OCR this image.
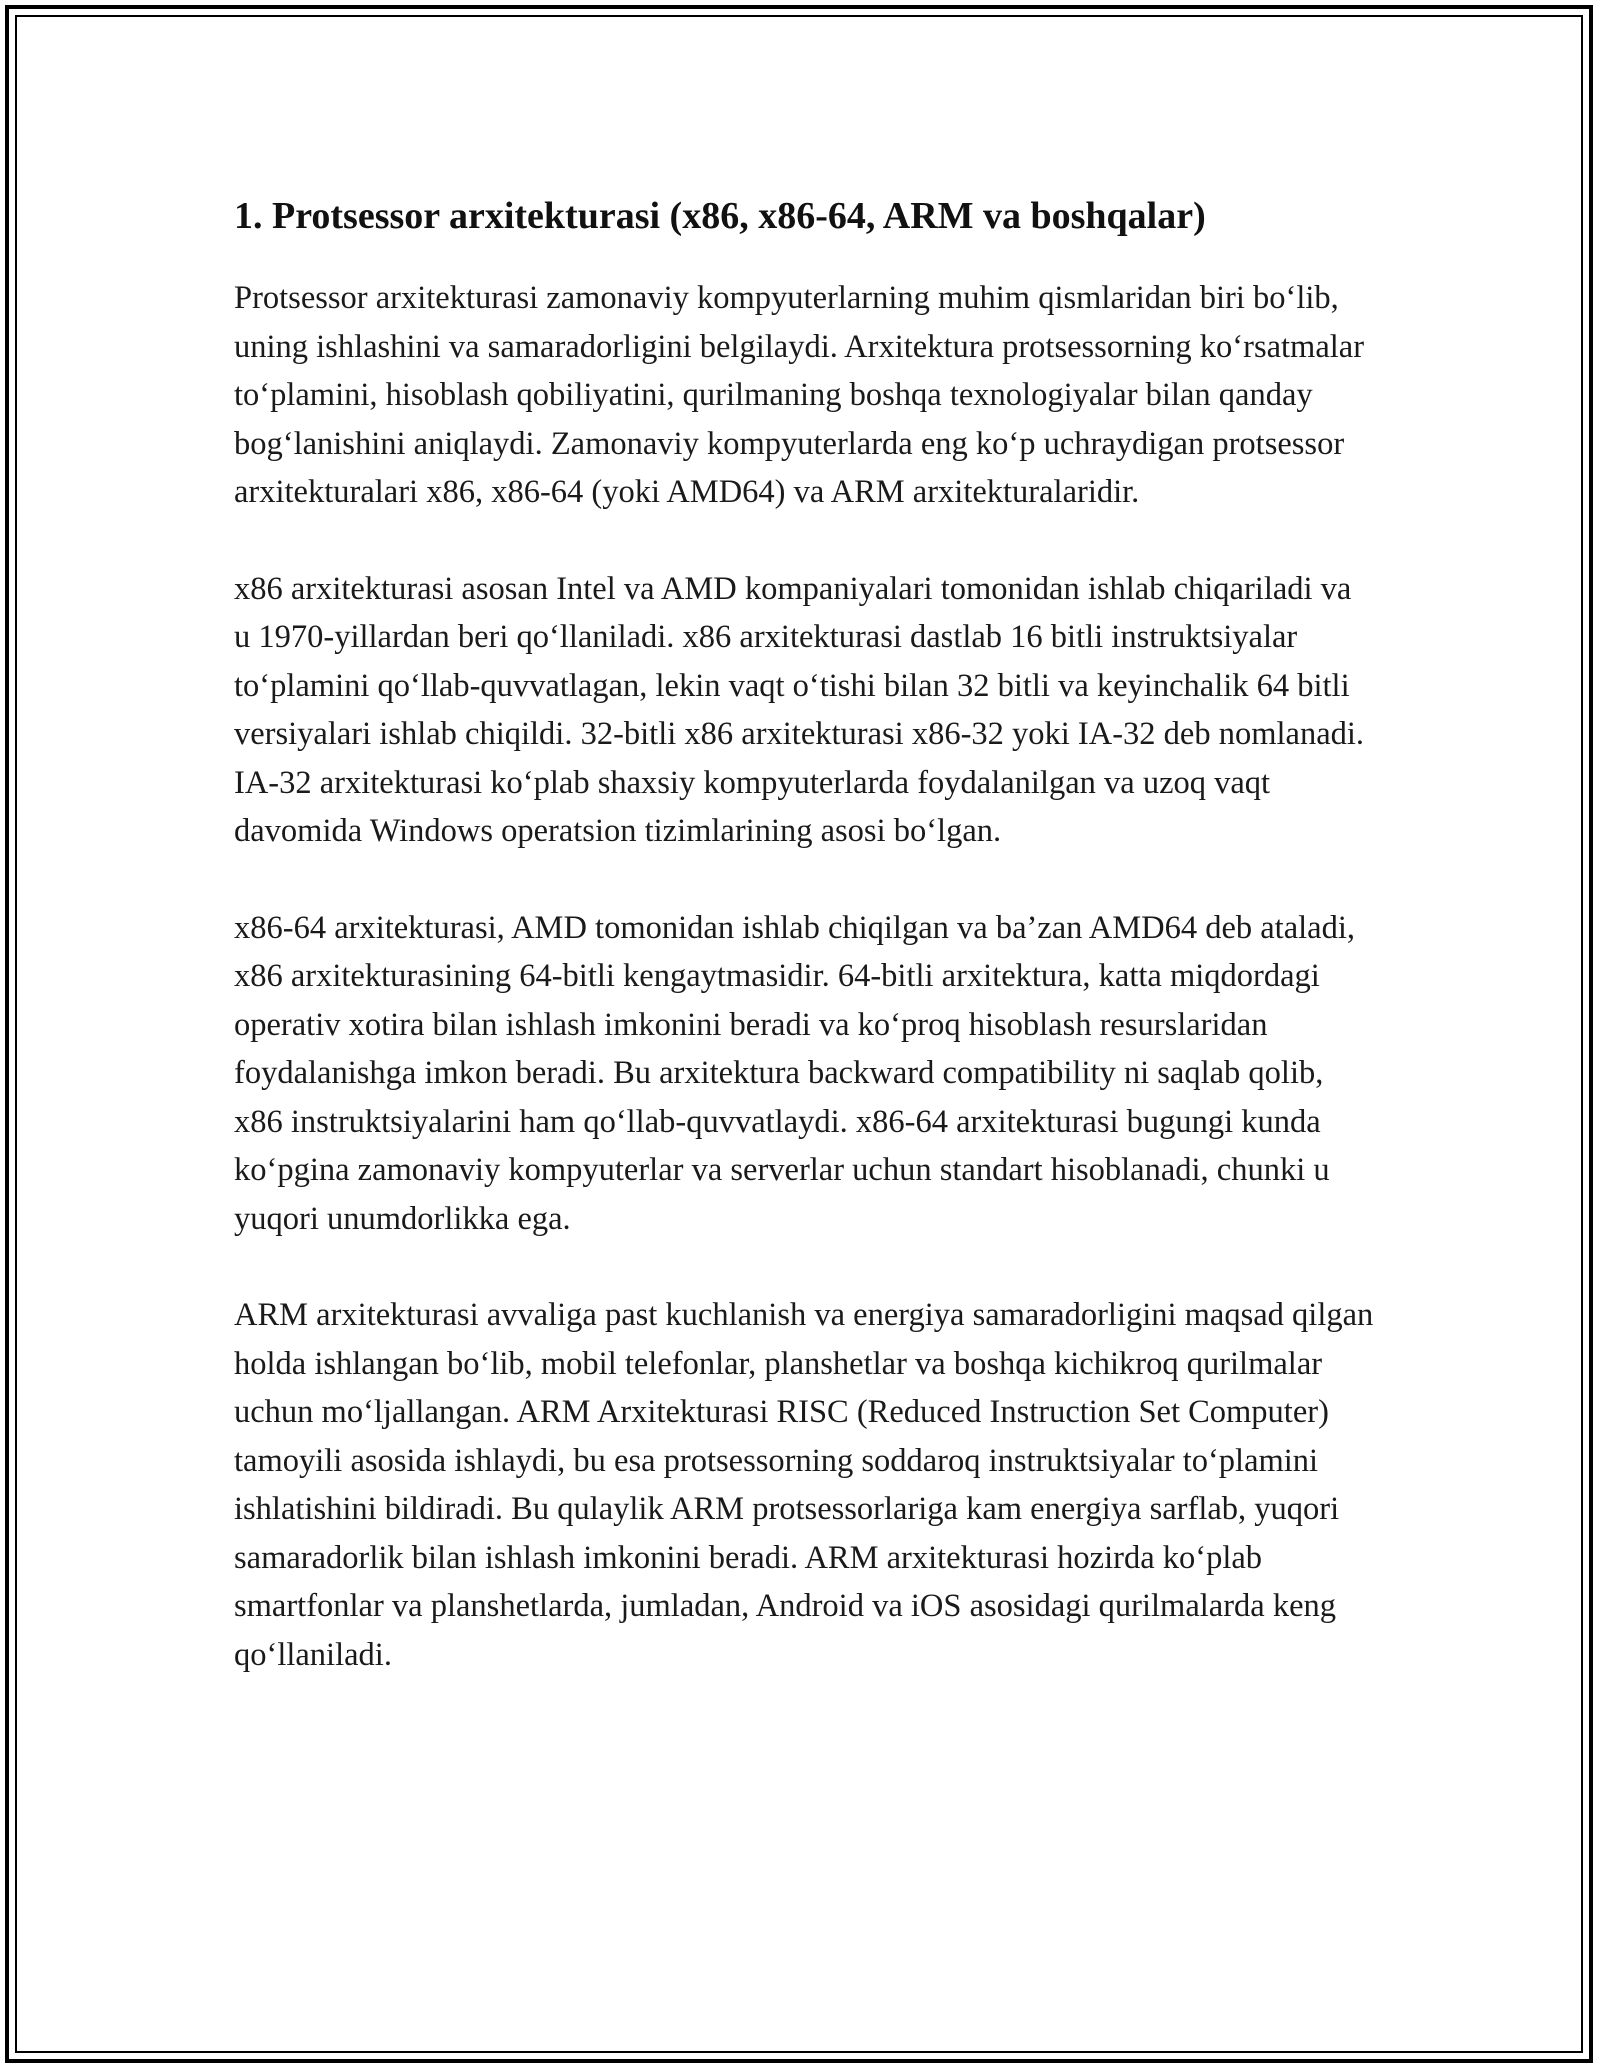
1. Protsessor arxitekturasi (x86, x86-64, ARM va boshqalar)

Protsessor arxitekturasi zamonaviy kompyuterlarning muhim qismlaridan biri bo‘lib, uning ishlashini va samaradorligini belgilaydi. Arxitektura protsessorning ko‘rsatmalar to‘plamini, hisoblash qobiliyatini, qurilmaning boshqa texnologiyalar bilan qanday bog‘lanishini aniqlaydi. Zamonaviy kompyuterlarda eng ko‘p uchraydigan protsessor arxitekturalari x86, x86-64 (yoki AMD64) va ARM arxitekturalaridir.

x86 arxitekturasi asosan Intel va AMD kompaniyalari tomonidan ishlab chiqariladi va u 1970-yillardan beri qo‘llaniladi. x86 arxitekturasi dastlab 16 bitli instruktsiyalar to‘plamini qo‘llab-quvvatlagan, lekin vaqt o‘tishi bilan 32 bitli va keyinchalik 64 bitli versiyalari ishlab chiqildi. 32-bitli x86 arxitekturasi x86-32 yoki IA-32 deb nomlanadi. IA-32 arxitekturasi ko‘plab shaxsiy kompyuterlarda foydalanilgan va uzoq vaqt davomida Windows operatsion tizimlarining asosi bo‘lgan.

x86-64 arxitekturasi, AMD tomonidan ishlab chiqilgan va ba’zan AMD64 deb ataladi, x86 arxitekturasining 64-bitli kengaytmasidir. 64-bitli arxitektura, katta miqdordagi operativ xotira bilan ishlash imkonini beradi va ko‘proq hisoblash resurslaridan foydalanishga imkon beradi. Bu arxitektura backward compatibility ni saqlab qolib, x86 instruktsiyalarini ham qo‘llab-quvvatlaydi. x86-64 arxitekturasi bugungi kunda ko‘pgina zamonaviy kompyuterlar va serverlar uchun standart hisoblanadi, chunki u yuqori unumdorlikka ega.

ARM arxitekturasi avvaliga past kuchlanish va energiya samaradorligini maqsad qilgan holda ishlangan bo‘lib, mobil telefonlar, planshetlar va boshqa kichikroq qurilmalar uchun mo‘ljallangan. ARM Arxitekturasi RISC (Reduced Instruction Set Computer) tamoyili asosida ishlaydi, bu esa protsessorning soddaroq instruktsiyalar to‘plamini ishlatishini bildiradi. Bu qulaylik ARM protsessorlariga kam energiya sarflab, yuqori samaradorlik bilan ishlash imkonini beradi. ARM arxitekturasi hozirda ko‘plab smartfonlar va planshetlarda, jumladan, Android va iOS asosidagi qurilmalarda keng qo‘llaniladi.
